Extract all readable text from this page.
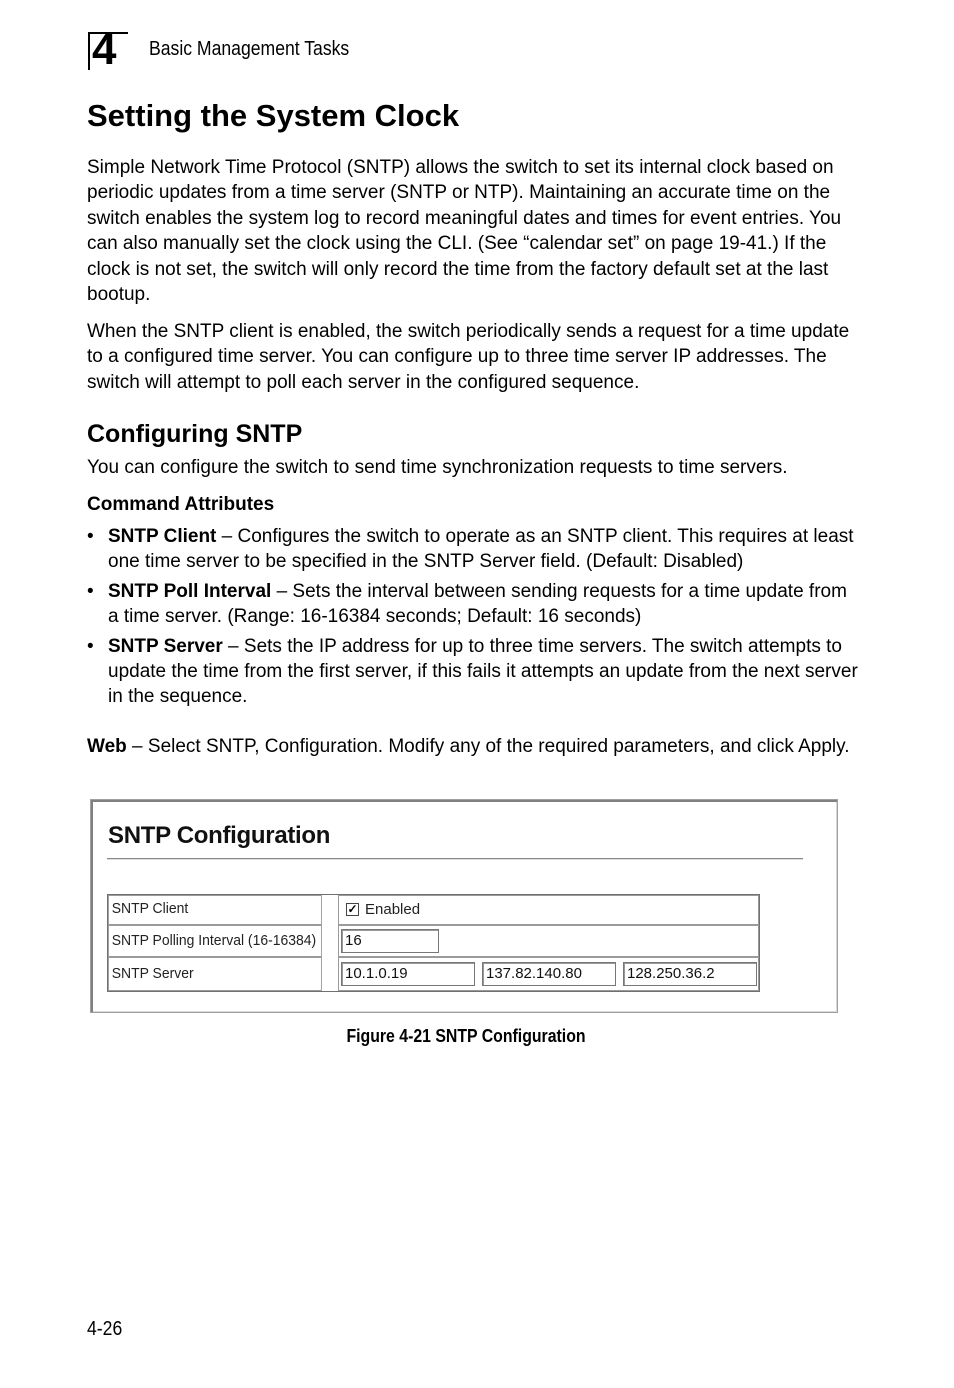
4 Basic Management Tasks
Setting the System Clock

Simple Network Time Protocol (SNTP) allows the switch to set its internal clock based on periodic updates from a time server (SNTP or NTP). Maintaining an accurate time on the switch enables the system log to record meaningful dates and times for event entries. You can also manually set the clock using the CLI. (See “calendar set” on page 19-41.) If the clock is not set, the switch will only record the time from the factory default set at the last bootup.

When the SNTP client is enabled, the switch periodically sends a request for a time update to a configured time server. You can configure up to three time server IP addresses. The switch will attempt to poll each server in the configured sequence.

Configuring SNTP

You can configure the switch to send time synchronization requests to time servers.

Command Attributes
• SNTP Client – Configures the switch to operate as an SNTP client. This requires at least one time server to be specified in the SNTP Server field. (Default: Disabled)
• SNTP Poll Interval – Sets the interval between sending requests for a time update from a time server. (Range: 16-16384 seconds; Default: 16 seconds)
• SNTP Server – Sets the IP address for up to three time servers. The switch attempts to update the time from the first server, if this fails it attempts an update from the next server in the sequence.

Web – Select SNTP, Configuration. Modify any of the required parameters, and click Apply.

SNTP Configuration
SNTP Client	✓ Enabled
SNTP Polling Interval (16-16384)	16
SNTP Server	10.1.0.19	137.82.140.80	128.250.36.2
Figure 4-21 SNTP Configuration
4-26
